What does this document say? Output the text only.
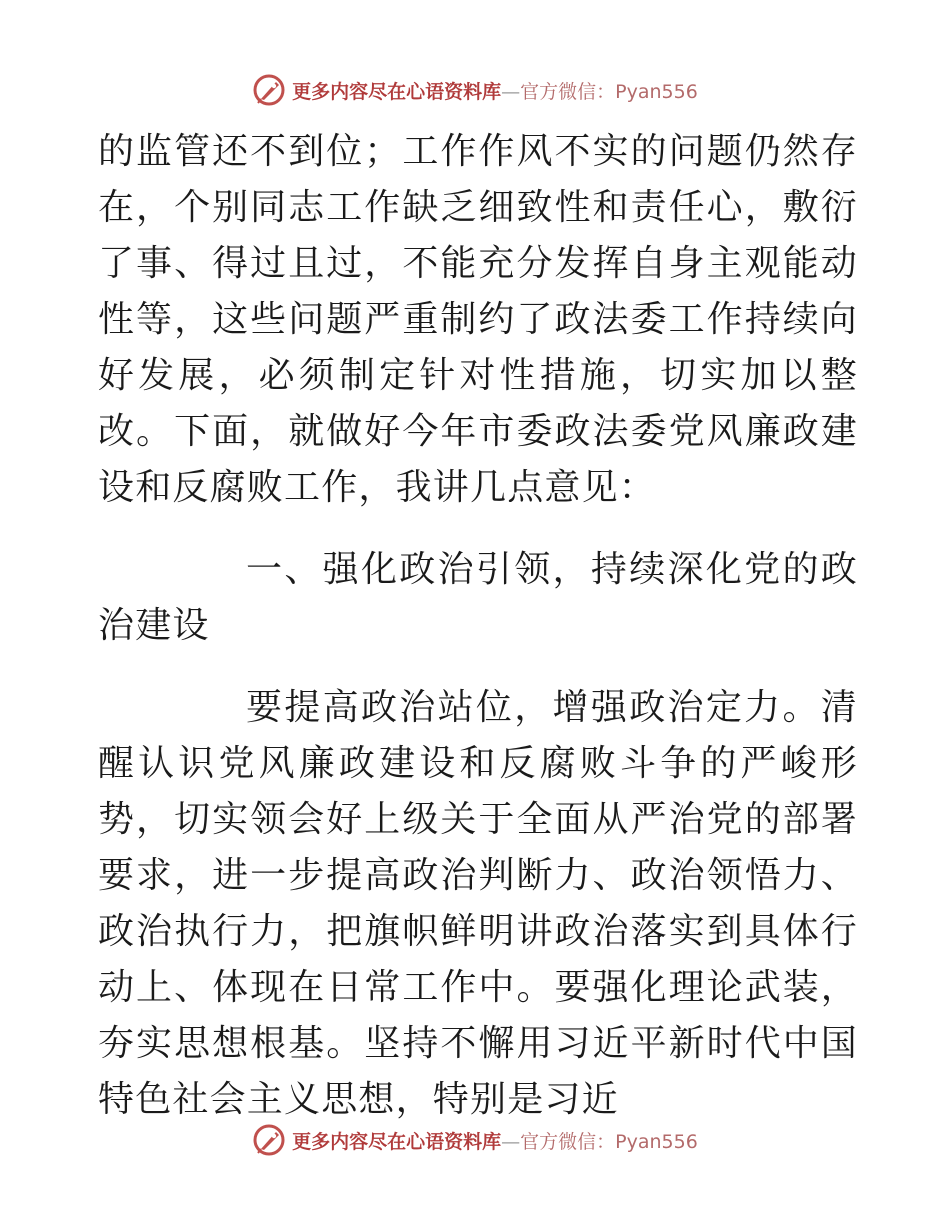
更多内容尽在心语资料库—官方微信：Pyan556

的监管还不到位；工作作风不实的问题仍然存在，个别同志工作缺乏细致性和责任心，敷衍了事、得过且过，不能充分发挥自身主观能动性等，这些问题严重制约了政法委工作持续向好发展，必须制定针对性措施，切实加以整改。下面，就做好今年市委政法委党风廉政建设和反腐败工作，我讲几点意见：

一、强化政治引领，持续深化党的政治建设

要提高政治站位，增强政治定力。清醒认识党风廉政建设和反腐败斗争的严峻形势，切实领会好上级关于全面从严治党的部署要求，进一步提高政治判断力、政治领悟力、政治执行力，把旗帜鲜明讲政治落实到具体行动上、体现在日常工作中。要强化理论武装，夯实思想根基。坚持不懈用习近平新时代中国特色社会主义思想，特别是习近

更多内容尽在心语资料库—官方微信：Pyan556
